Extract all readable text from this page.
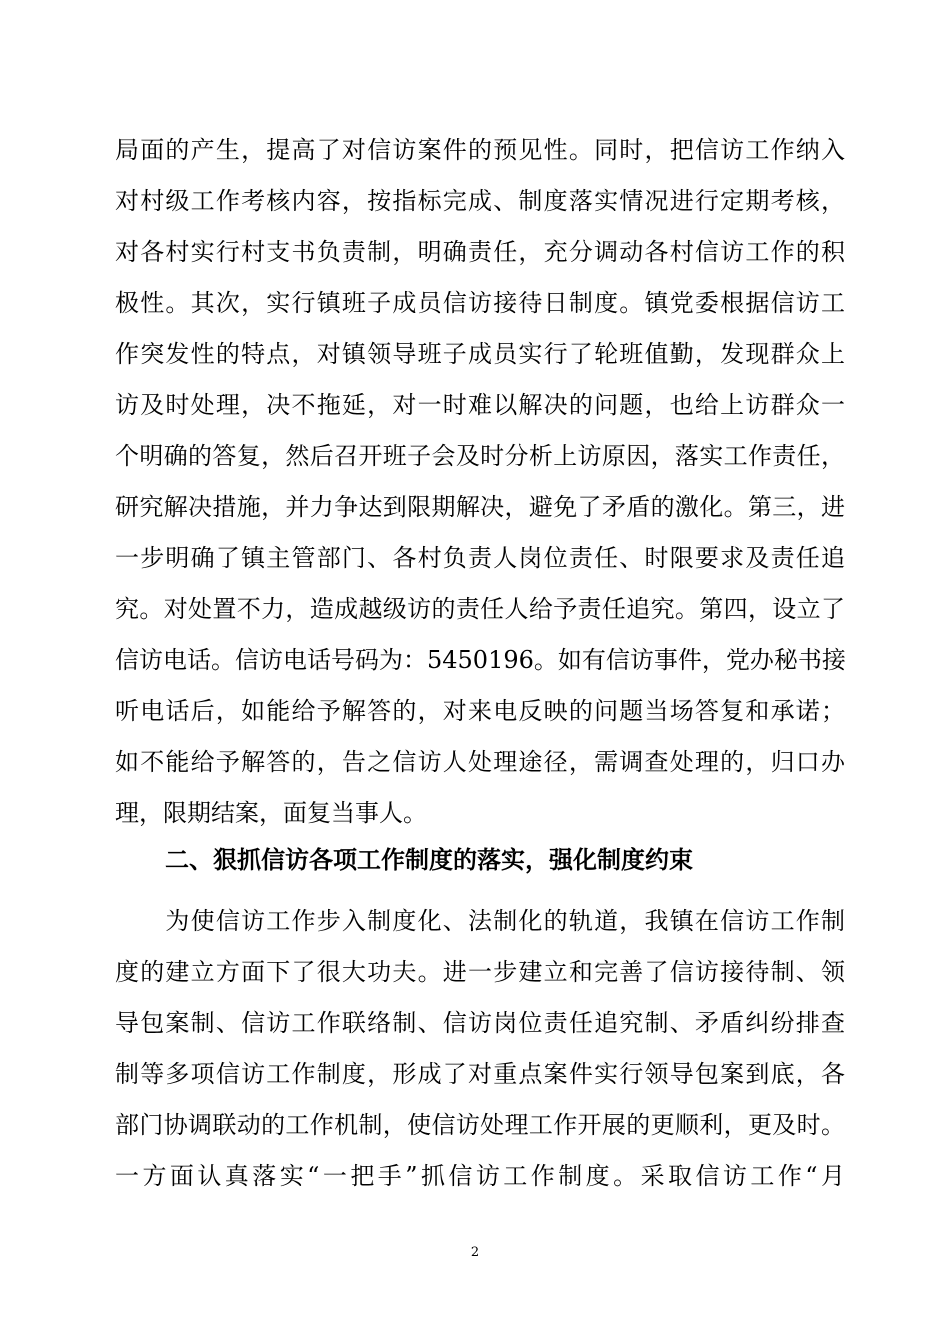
局面的产生，提高了对信访案件的预见性。同时，把信访工作纳入
对村级工作考核内容，按指标完成、制度落实情况进行定期考核，
对各村实行村支书负责制，明确责任，充分调动各村信访工作的积
极性。其次，实行镇班子成员信访接待日制度。镇党委根据信访工
作突发性的特点，对镇领导班子成员实行了轮班值勤，发现群众上
访及时处理，决不拖延，对一时难以解决的问题，也给上访群众一
个明确的答复，然后召开班子会及时分析上访原因，落实工作责任，
研究解决措施，并力争达到限期解决，避免了矛盾的激化。第三，进
一步明确了镇主管部门、各村负责人岗位责任、时限要求及责任追
究。对处置不力，造成越级访的责任人给予责任追究。第四，设立了
信访电话。信访电话号码为：5450196。如有信访事件，党办秘书接
听电话后，如能给予解答的，对来电反映的问题当场答复和承诺；
如不能给予解答的，告之信访人处理途径，需调查处理的，归口办
理，限期结案，面复当事人。
二、狠抓信访各项工作制度的落实，强化制度约束
　　为使信访工作步入制度化、法制化的轨道，我镇在信访工作制
度的建立方面下了很大功夫。进一步建立和完善了信访接待制、领
导包案制、信访工作联络制、信访岗位责任追究制、矛盾纠纷排查
制等多项信访工作制度，形成了对重点案件实行领导包案到底，各
部门协调联动的工作机制，使信访处理工作开展的更顺利，更及时。
一方面认真落实“一把手”抓信访工作制度。采取信访工作“月
2
